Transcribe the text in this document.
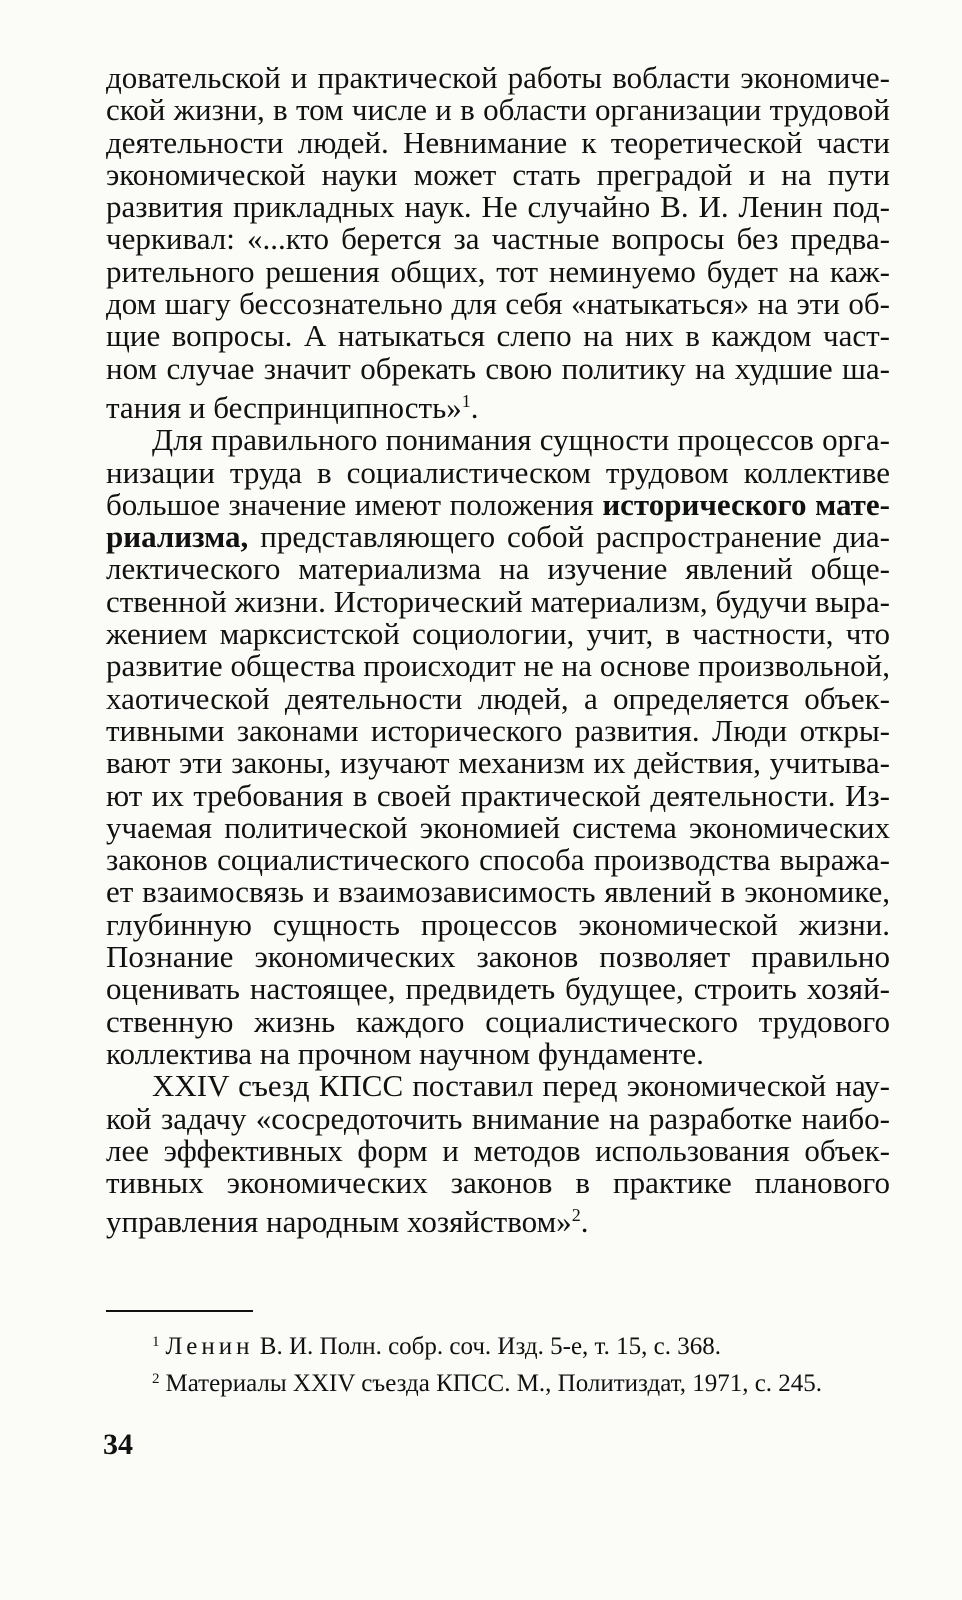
довательской и практической работы вобласти экономической жизни, в том числе и в области организации трудовой деятельности людей. Невнимание к теоретической части экономической науки может стать преградой и на пути развития прикладных наук. Не случайно В. И. Ленин подчеркивал: «...кто берется за частные вопросы без предварительного решения общих, тот неминуемо будет на каждом шагу бессознательно для себя «натыкаться» на эти общие вопросы. А натыкаться слепо на них в каждом частном случае значит обрекать свою политику на худшие шатания и беспринципность»$^1$.

Для правильного понимания сущности процессов организации труда в социалистическом трудовом коллективе большое значение имеют положения исторического материализма, представляющего собой распространение диалектического материализма на изучение явлений общественной жизни. Исторический материализм, будучи выражением марксистской социологии, учит, в частности, что развитие общества происходит не на основе произвольной, хаотической деятельности людей, а определяется объективными законами исторического развития. Люди открывают эти законы, изучают механизм их действия, учитывают их требования в своей практической деятельности. Изучаемая политической экономией система экономических законов социалистического способа производства выражает взаимосвязь и взаимозависимость явлений в экономике, глубинную сущность процессов экономической жизни. Познание экономических законов позволяет правильно оценивать настоящее, предвидеть будущее, строить хозяйственную жизнь каждого социалистического трудового коллектива на прочном научном фундаменте.

XXIV съезд КПСС поставил перед экономической наукой задачу «сосредоточить внимание на разработке наиболее эффективных форм и методов использования объективных экономических законов в практике планового управления народным хозяйством»$^2$.

$^1$ Ленин В. И. Полн. собр. соч. Изд. 5-е, т. 15, с. 368.

$^2$ Материалы XXIV съезда КПСС. М., Политиздат, 1971, с. 245.

34
